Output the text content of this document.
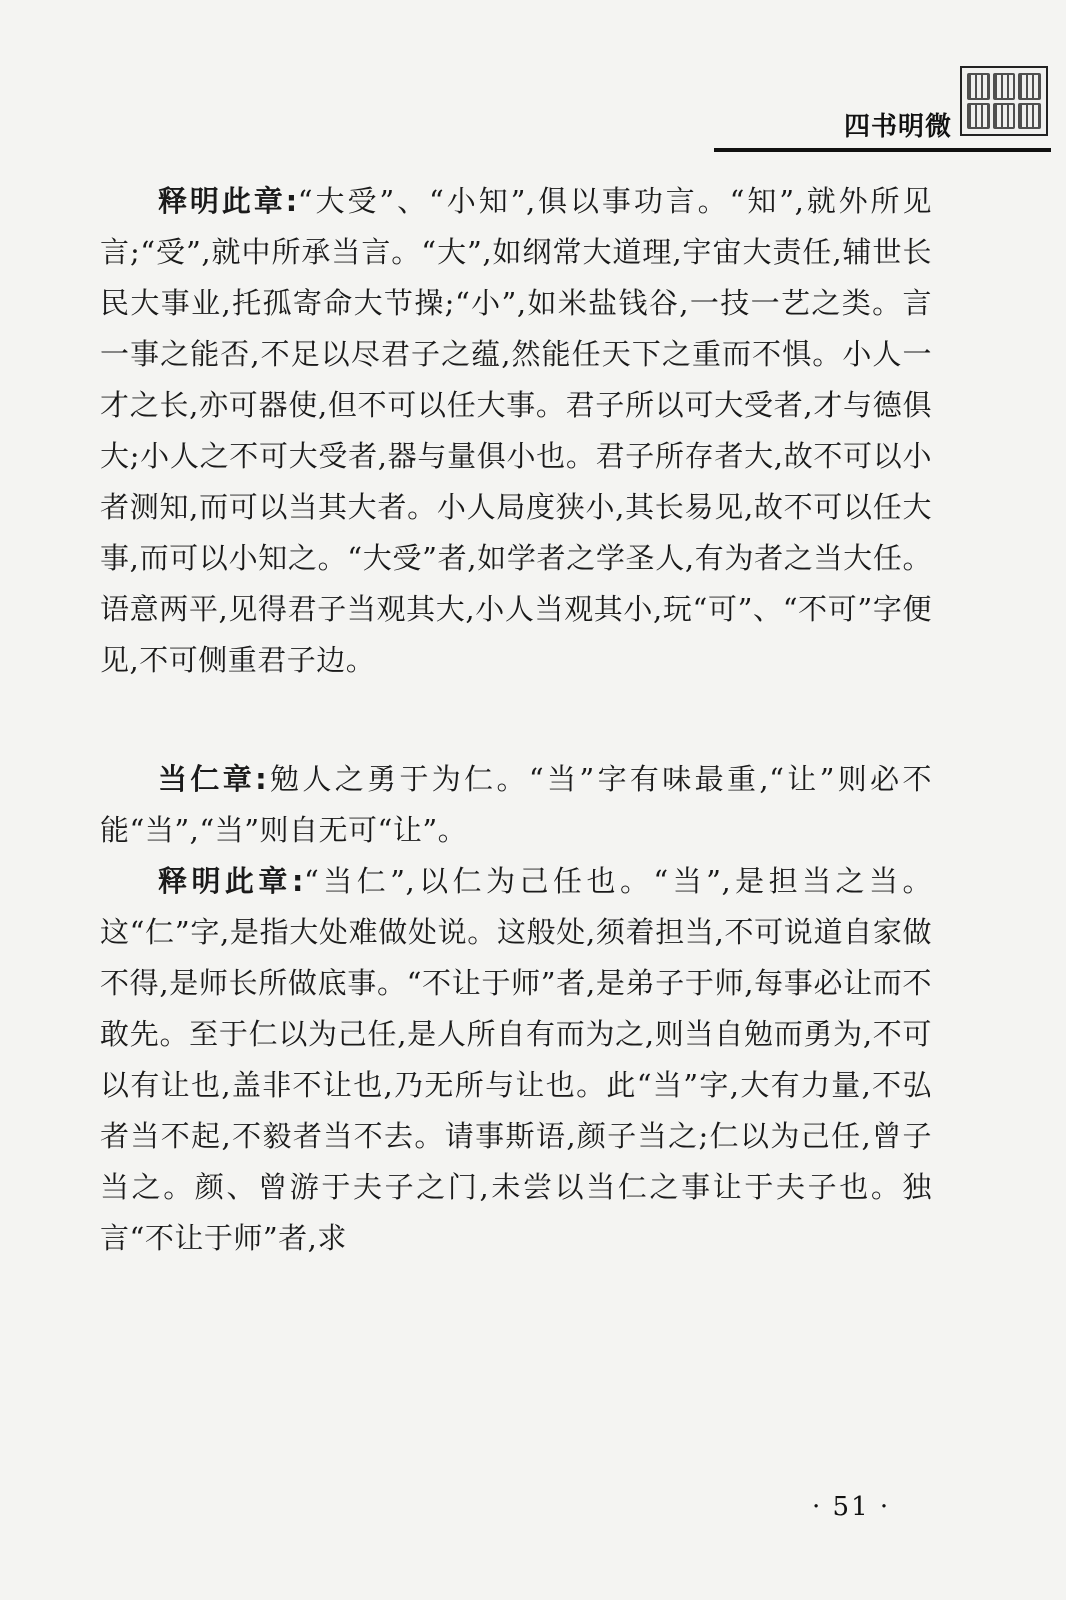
四书明微

释明此章:“大受”、“小知”,俱以事功言。“知”,就外所见言;“受”,就中所承当言。“大”,如纲常大道理,宇宙大责任,辅世长民大事业,托孤寄命大节操;“小”,如米盐钱谷,一技一艺之类。言一事之能否,不足以尽君子之蕴,然能任天下之重而不惧。小人一才之长,亦可器使,但不可以任大事。君子所以可大受者,才与德俱大;小人之不可大受者,器与量俱小也。君子所存者大,故不可以小者测知,而可以当其大者。小人局度狭小,其长易见,故不可以任大事,而可以小知之。“大受”者,如学者之学圣人,有为者之当大任。语意两平,见得君子当观其大,小人当观其小,玩“可”、“不可”字便见,不可侧重君子边。

当仁章:勉人之勇于为仁。“当”字有味最重,“让”则必不能“当”,“当”则自无可“让”。

释明此章:“当仁”,以仁为己任也。“当”,是担当之当。这“仁”字,是指大处难做处说。这般处,须着担当,不可说道自家做不得,是师长所做底事。“不让于师”者,是弟子于师,每事必让而不敢先。至于仁以为己任,是人所自有而为之,则当自勉而勇为,不可以有让也,盖非不让也,乃无所与让也。此“当”字,大有力量,不弘者当不起,不毅者当不去。请事斯语,颜子当之;仁以为己任,曾子当之。颜、曾游于夫子之门,未尝以当仁之事让于夫子也。独言“不让于师”者,求

· 51 ·
